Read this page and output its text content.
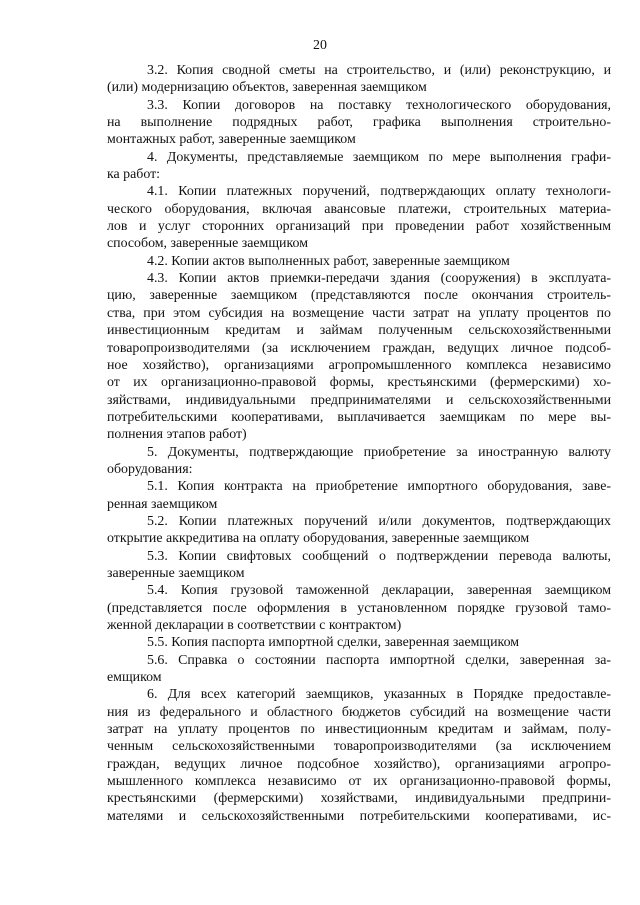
20
3.2. Копия сводной сметы на строительство, и (или) реконструкцию, и
(или) модернизацию объектов, заверенная заемщиком
3.3. Копии договоров на поставку технологического оборудования,
на выполнение подрядных работ, графика выполнения строительно-
монтажных работ, заверенные заемщиком
4. Документы, представляемые заемщиком по мере выполнения графи-
ка работ:
4.1. Копии платежных поручений, подтверждающих оплату технологи-
ческого оборудования, включая авансовые платежи, строительных материа-
лов и услуг сторонних организаций при проведении работ хозяйственным
способом, заверенные заемщиком
4.2. Копии актов выполненных работ, заверенные заемщиком
4.3. Копии актов приемки-передачи здания (сооружения) в эксплуата-
цию, заверенные заемщиком (представляются после окончания строитель-
ства, при этом субсидия на возмещение части затрат на уплату процентов по
инвестиционным кредитам и займам полученным сельскохозяйственными
товаропроизводителями (за исключением граждан, ведущих личное подсоб-
ное хозяйство), организациями агропромышленного комплекса независимо
от их организационно-правовой формы, крестьянскими (фермерскими) хо-
зяйствами, индивидуальными предпринимателями и сельскохозяйственными
потребительскими кооперативами, выплачивается заемщикам по мере вы-
полнения этапов работ)
5. Документы, подтверждающие приобретение за иностранную валюту
оборудования:
5.1. Копия контракта на приобретение импортного оборудования, заве-
ренная заемщиком
5.2. Копии платежных поручений и/или документов, подтверждающих
открытие аккредитива на оплату оборудования, заверенные заемщиком
5.3. Копии свифтовых сообщений о подтверждении перевода валюты,
заверенные заемщиком
5.4. Копия грузовой таможенной декларации, заверенная заемщиком
(представляется после оформления в установленном порядке грузовой тамо-
женной декларации в соответствии с контрактом)
5.5. Копия паспорта импортной сделки, заверенная заемщиком
5.6. Справка о состоянии паспорта импортной сделки, заверенная за-
емщиком
6. Для всех категорий заемщиков, указанных в Порядке предоставле-
ния из федерального и областного бюджетов субсидий на возмещение части
затрат на уплату процентов по инвестиционным кредитам и займам, полу-
ченным сельскохозяйственными товаропроизводителями (за исключением
граждан, ведущих личное подсобное хозяйство), организациями агропро-
мышленного комплекса независимо от их организационно-правовой формы,
крестьянскими (фермерскими) хозяйствами, индивидуальными предприни-
мателями и сельскохозяйственными потребительскими кооперативами, ис-
